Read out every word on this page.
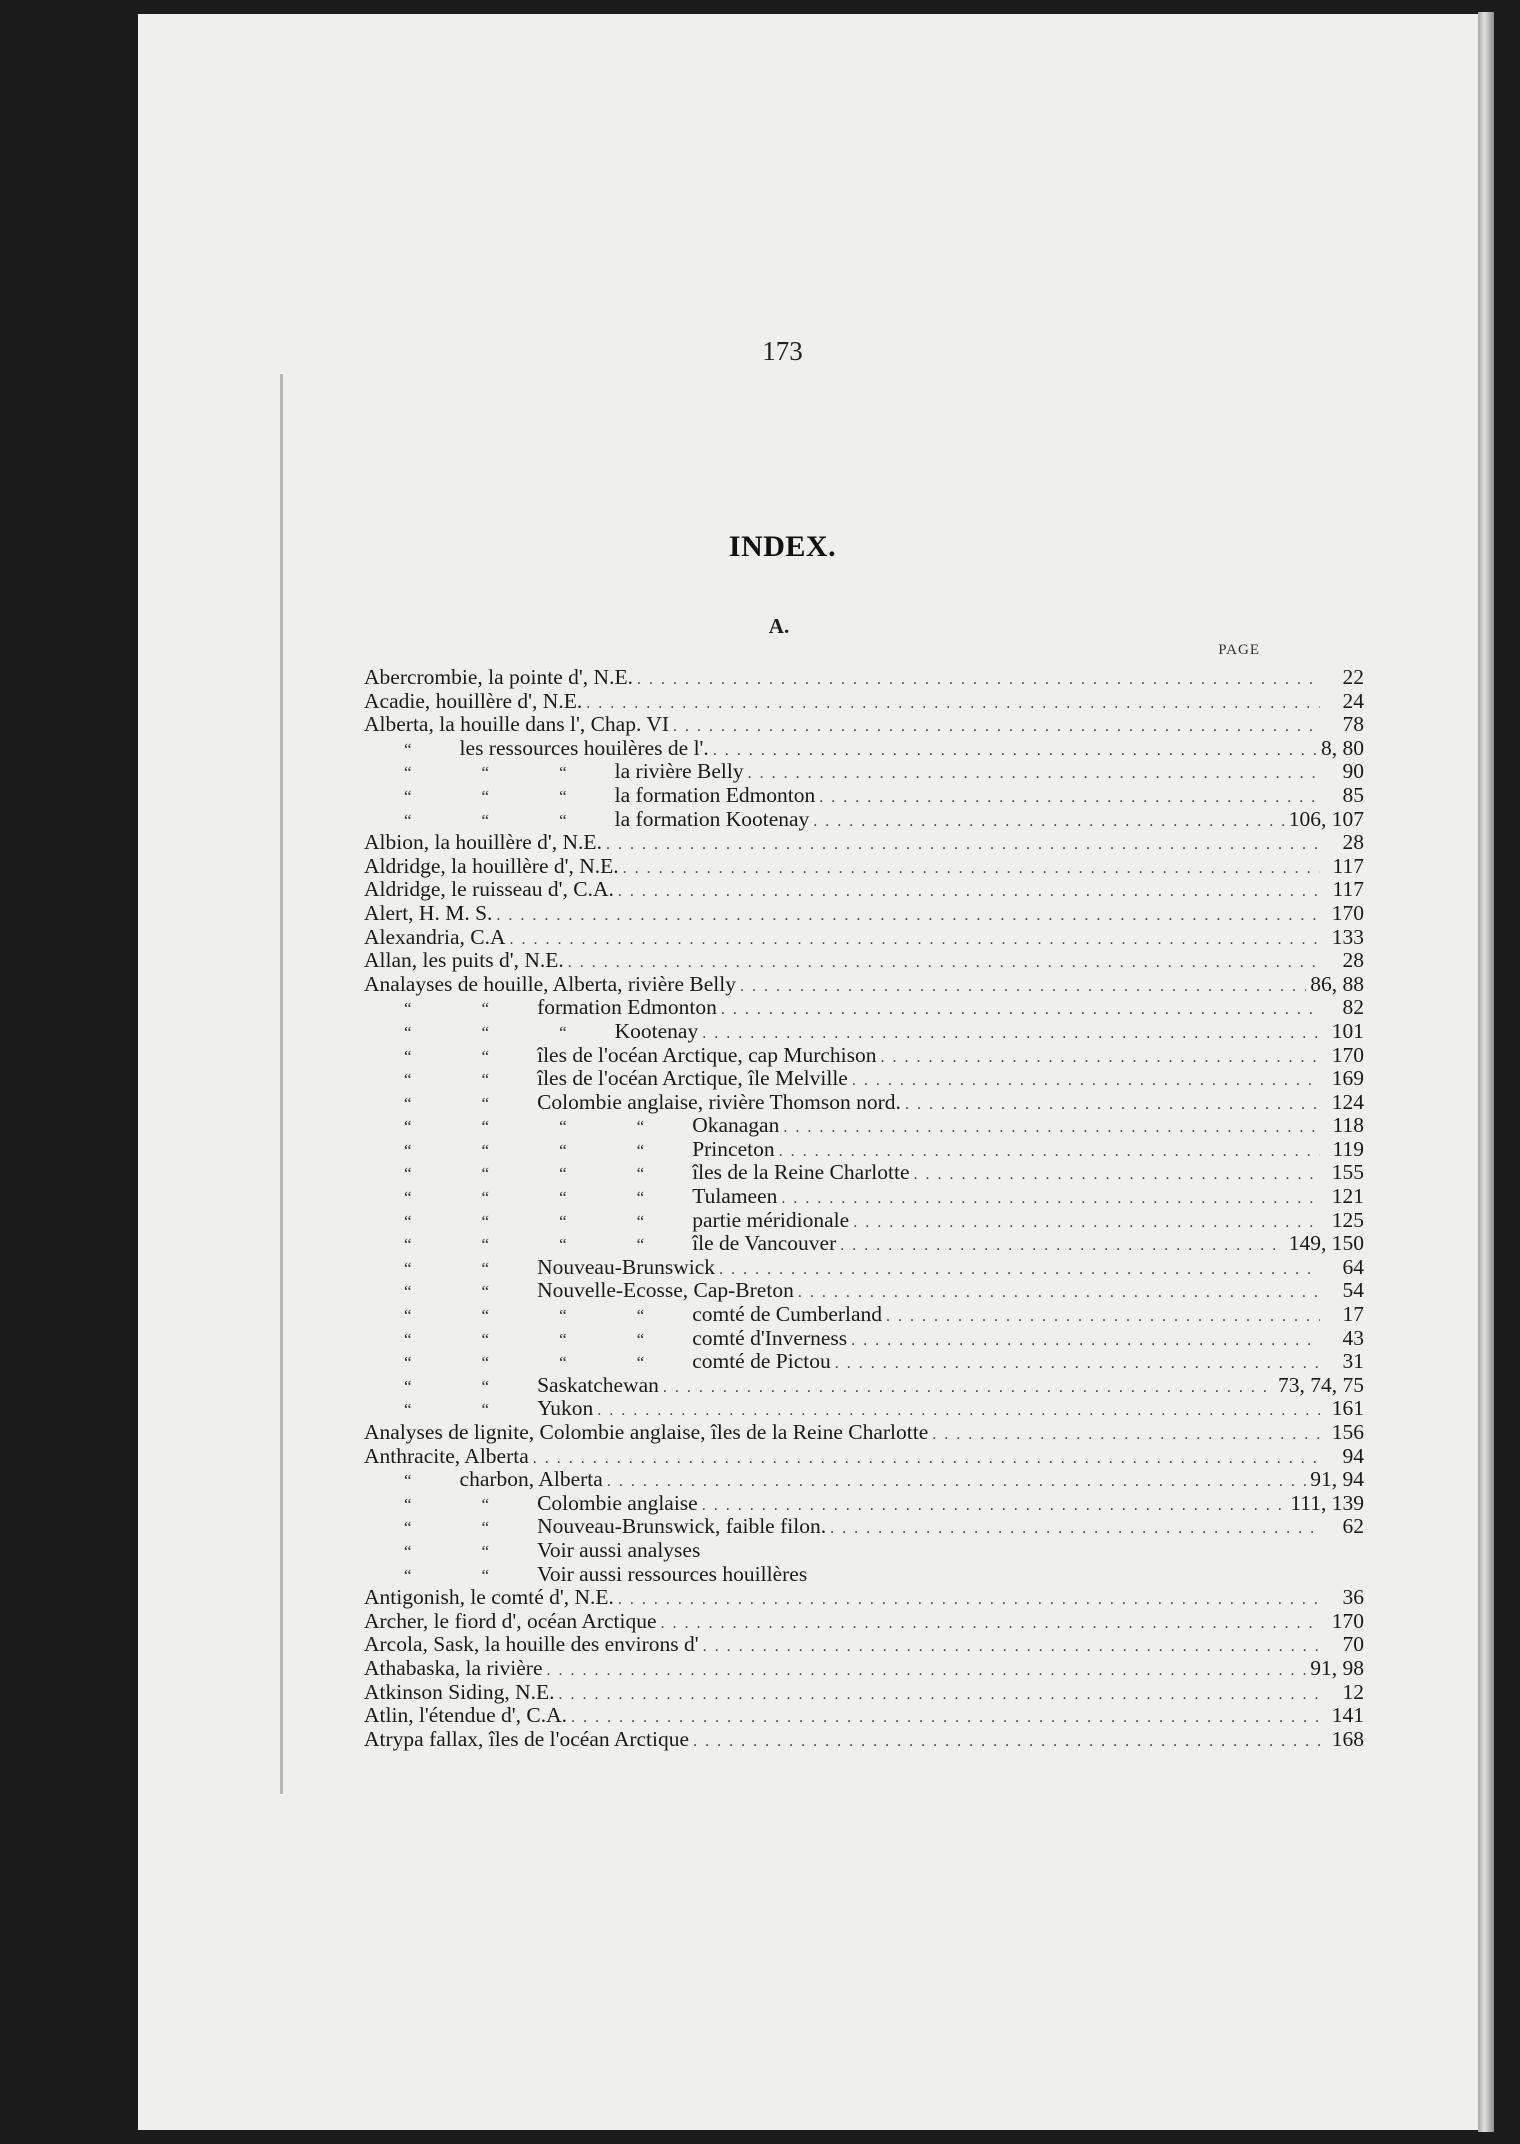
173
INDEX.
A.
PAGE
Abercrombie, la pointe d', N.E. . . .	22
Acadie, houillère d', N.E. . . .	24
Alberta, la houille dans l', Chap. VI . . .	78
“ les ressources houilères de l'. . . .	8, 80
“	“	“ la rivière Belly . . .	90
“	“	“ la formation Edmonton . . .	85
“	“	“ la formation Kootenay . . .	106, 107
Albion, la houillère d', N.E. . . .	28
Aldridge, la houillère d', N.E. . . .	117
Aldridge, le ruisseau d', C.A. . . .	117
Alert, H. M. S. . . .	170
Alexandria, C.A . . .	133
Allan, les puits d', N.E. . . .	28
Analayses de houille, Alberta, rivière Belly . . .	86, 88
“	“ formation Edmonton . . .	82
“	“	“ Kootenay . . .	101
“	“ îles de l'océan Arctique, cap Murchison . . .	170
“	“ îles de l'océan Arctique, île Melville . . .	169
“	“ Colombie anglaise, rivière Thomson nord. . . .	124
“	“	“	“ Okanagan . . .	118
“	“	“	“ Princeton . . .	119
“	“	“	“ îles de la Reine Charlotte . . .	155
“	“	“	“ Tulameen . . .	121
“	“	“	“ partie méridionale . . .	125
“	“	“	“ île de Vancouver . . .	149, 150
“	“ Nouveau-Brunswick . . .	64
“	“ Nouvelle-Ecosse, Cap-Breton . . .	54
“	“	“	“ comté de Cumberland . . .	17
“	“	“	“ comté d'Inverness . . .	43
“	“	“	“ comté de Pictou . . .	31
“	“ Saskatchewan . . .	73, 74, 75
“	“ Yukon . . .	161
Analyses de lignite, Colombie anglaise, îles de la Reine Charlotte . . .	156
Anthracite, Alberta . . .	94
“ charbon, Alberta . . .	91, 94
“	“ Colombie anglaise . . .	111, 139
“	“ Nouveau-Brunswick, faible filon. . . .	62
“	“ Voir aussi analyses
“	“ Voir aussi ressources houillères
Antigonish, le comté d', N.E. . . .	36
Archer, le fiord d', océan Arctique . . .	170
Arcola, Sask, la houille des environs d' . . .	70
Athabaska, la rivière . . .	91, 98
Atkinson Siding, N.E. . . .	12
Atlin, l'étendue d', C.A. . . .	141
Atrypa fallax, îles de l'océan Arctique . . .	168
